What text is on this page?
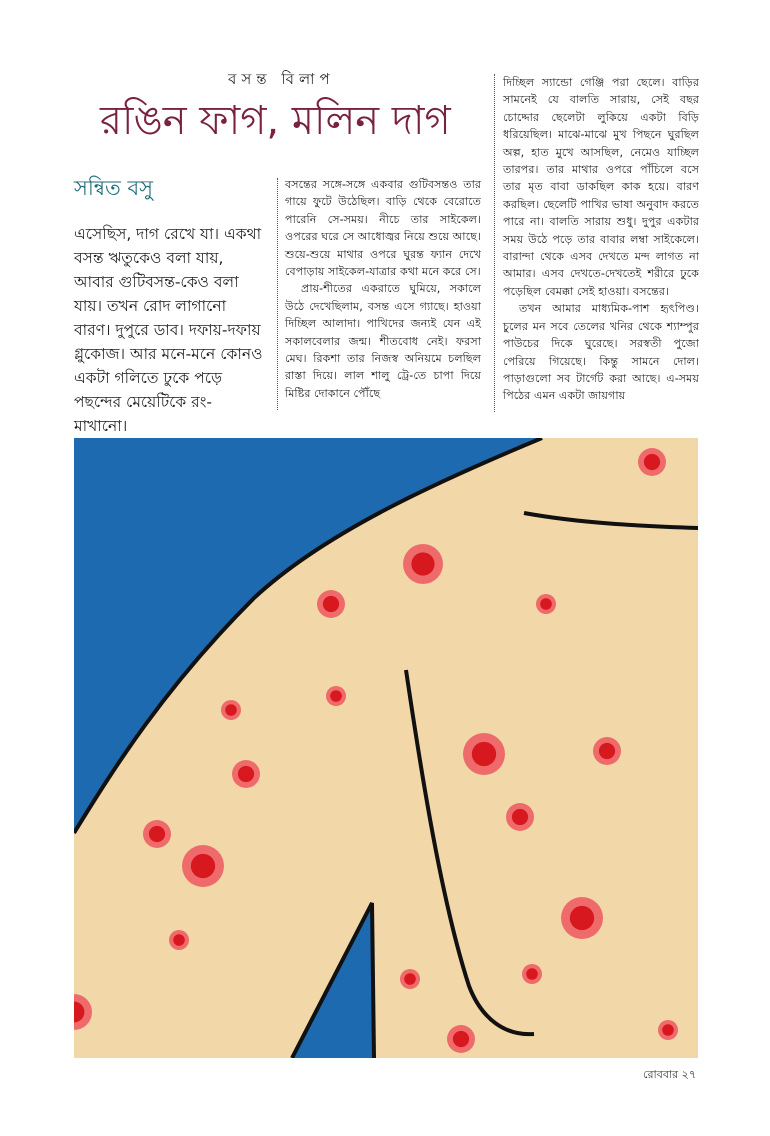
বসন্ত বিলাপ
রঙিন ফাগ, মলিন দাগ
সন্বিত বসু

এসেছিস, দাগ রেখে যা। একথা বসন্ত ঋতুকেও বলা যায়, আবার গুটিবসন্ত-কেও বলা যায়। তখন রোদ লাগানো বারণ। দুপুরে ডাব। দফায়-দফায় গ্লুকোজ। আর মনে-মনে কোনও একটা গলিতে ঢুকে পড়ে পছন্দের মেয়েটিকে রং-মাখানো।

বসন্তের সঙ্গে-সঙ্গে একবার গুটিবসন্তও তার গায়ে ফুটে উঠেছিল। বাড়ি থেকে বেরোতে পারেনি সে-সময়। নীচে তার সাইকেল। ওপরের ঘরে সে আধোজ্বর নিয়ে শুয়ে আছে। শুয়ে-শুয়ে মাথার ওপরে ঘুরন্ত ফ্যান দেখে বেপাড়ায় সাইকেল-যাত্রার কথা মনে করে সে।

প্রায়-শীতের একরাতে ঘুমিয়ে, সকালে উঠে দেখেছিলাম, বসন্ত এসে গ্যাছে। হাওয়া দিচ্ছিল আলাদা। পাখিদের জন্যই যেন এই সকালবেলার জন্ম। শীতবোধ নেই। ফরসা মেঘ। রিকশা তার নিজস্ব অনিয়মে চলছিল রাস্তা দিয়ে। লাল শালু ট্রে-তে চাপা দিয়ে মিষ্টির দোকানে পৌঁছে

দিচ্ছিল স্যান্ডো গেঞ্জি পরা ছেলে। বাড়ির সামনেই যে বালতি সারায়, সেই বছর চোদ্দোর ছেলেটা লুকিয়ে একটা বিড়ি ধরিয়েছিল। মাঝে-মাঝে মুখ পিছনে ঘুরছিল অল্প, হাত মুখে আসছিল, নেমেও যাচ্ছিল তারপর। তার মাথার ওপরে পাঁচিলে বসে তার মৃত বাবা ডাকছিল কাক হয়ে। বারণ করছিল। ছেলেটি পাখির ভাষা অনুবাদ করতে পারে না। বালতি সারায় শুধু। দুপুর একটার সময় উঠে পড়ে তার বাবার লম্বা সাইকেলে। বারান্দা থেকে এসব দেখতে মন্দ লাগত না আমার। এসব দেখতে-দেখতেই শরীরে ঢুকে পড়েছিল বেমক্কা সেই হাওয়া। বসন্তের।

তখন আমার মাধ্যমিক-পাশ হৃৎপিণ্ড। চুলের মন সবে তেলের খনির থেকে শ্যাম্পুর পাউচের দিকে ঘুরেছে। সরস্বতী পুজো পেরিয়ে গিয়েছে। কিন্তু সামনে দোল। পাড়াগুলো সব টার্গেট করা আছে। এ-সময় পিঠের এমন একটা জায়গায়

রোববার ২৭
